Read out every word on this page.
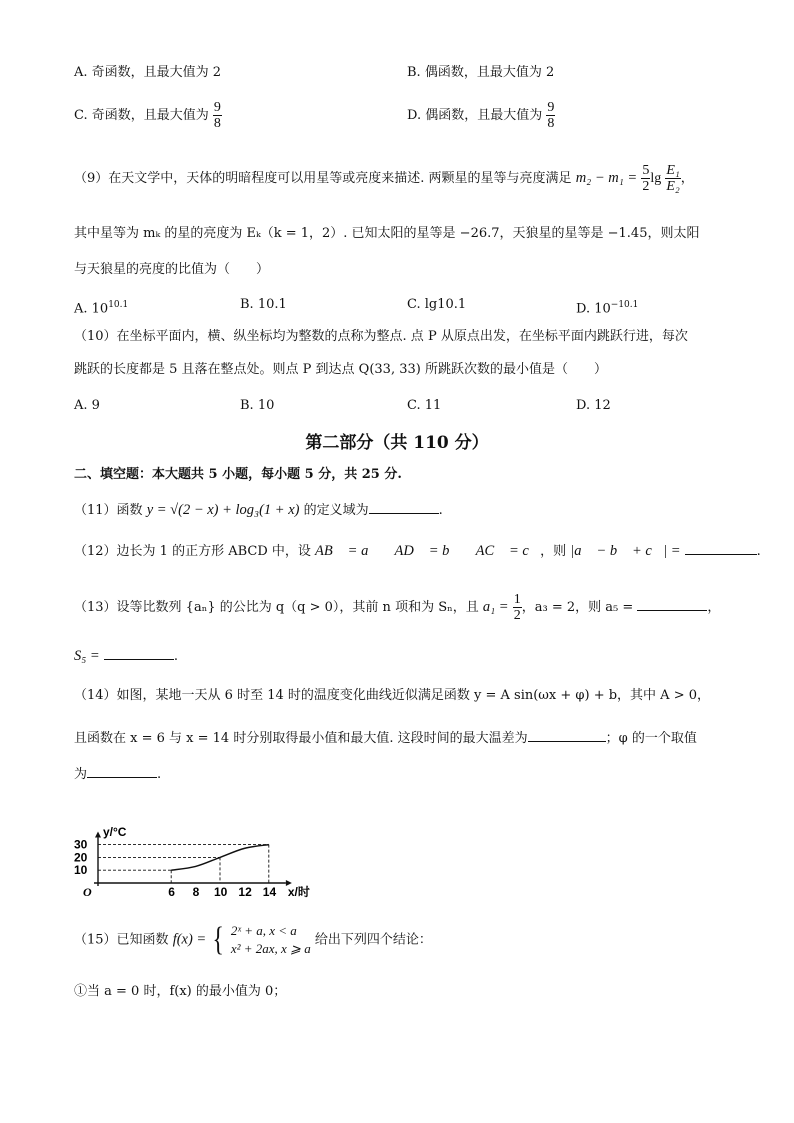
A. 奇函数，且最大值为 2	B. 偶函数，且最大值为 2
C. 奇函数，且最大值为 $\frac{9}{8}$	D. 偶函数，且最大值为 $\frac{9}{8}$
（9）在天文学中，天体的明暗程度可以用星等或亮度来描述. 两颗星的星等与亮度满足 $m_2 - m_1 = \frac{5}{2}$ $\lg \frac{\text{E₁}}{\text{E₂}}$ ，
其中星等为 mₖ 的星的亮度为 Eₖ（k = 1，2）. 已知太阳的星等是 −26.7，天狼星的星等是 −1.45，则太阳
与天狼星的亮度的比值为（　　）
A. $10^{10.1}$	B. 10.1	C. lg10.1	D. $10^{-10.1}$
（10）在坐标平面内，横、纵坐标均为整数的点称为整点. 点 P 从原点出发，在坐标平面内跳跃行进，每次
跳跃的长度都是 5 且落在整点处。则点 P 到达点 Q(33, 33) 所跳跃次数的最小值是（　　）
A. 9	B. 10	C. 11	D. 12
第二部分（共 110 分）
二、填空题：本大题共 5 小题，每小题 5 分，共 25 分.
（11）函数 y = √(2 − x) + log₃(1 + x) 的定义域为	.
（12）边长为 1 的正方形 ABCD 中，设 AB⃗ = a⃗ ，AD⃗ = b⃗ ，AC⃗ = c⃗，则 |a⃗ − b⃗ + c⃗| =	.
（13）设等比数列 {aₙ} 的公比为 q（q > 0），其前 n 项和为 Sₙ，且 $a_1 = \frac{1}{2}$ ，a₃ = 2，则 a₅ =	，
S₅ =	.
（14）如图，某地一天从 6 时至 14 时的温度变化曲线近似满足函数 y = A sin(ωx + φ) + b，其中 A > 0，
且函数在 x = 6 与 x = 14 时分别取得最小值和最大值. 这段时间的最大温差为	；φ 的一个取值
为	.
O
y/°C
x/时
10
20
30
6 8 10 12 14
（15）已知函数 f(x) = { 2ˣ + a, x < a
x² + 2ax, x ⩾ a
给出下列四个结论：
①当 a = 0 时，f(x) 的最小值为 0；
